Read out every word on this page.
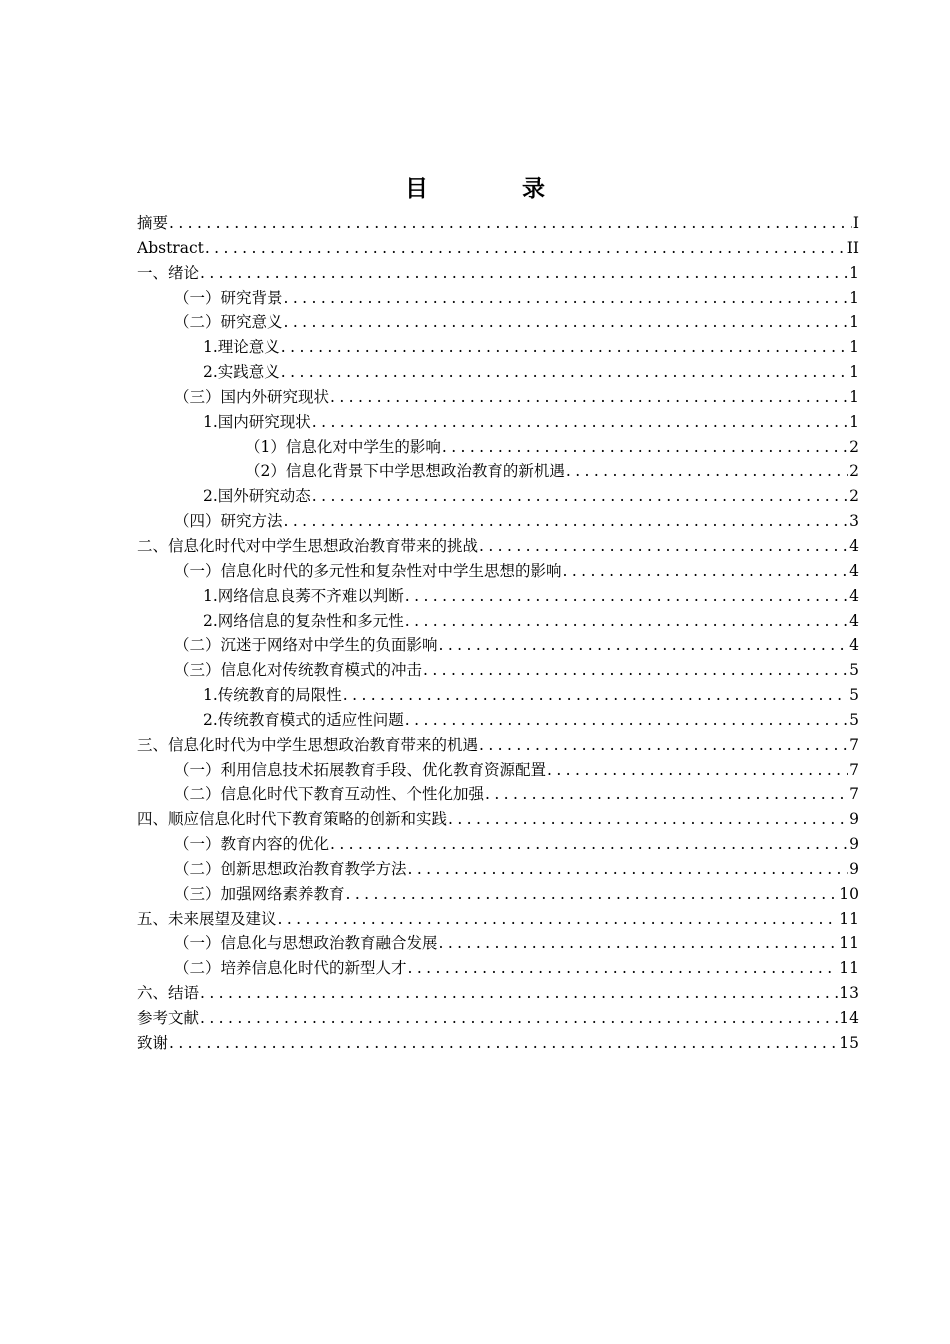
目 录
摘要 .....	I
Abstract .....	II
一、绪论 .....	1
（一）研究背景 .....	1
（二）研究意义 .....	1
1.理论意义 .....	1
2.实践意义 .....	1
（三）国内外研究现状 .....	1
1.国内研究现状 .....	1
（1）信息化对中学生的影响 .....	2
（2）信息化背景下中学思想政治教育的新机遇 .....	2
2.国外研究动态 .....	2
（四）研究方法 .....	3
二、信息化时代对中学生思想政治教育带来的挑战 .....	4
（一）信息化时代的多元性和复杂性对中学生思想的影响 .....	4
1.网络信息良莠不齐难以判断 .....	4
2.网络信息的复杂性和多元性 .....	4
（二）沉迷于网络对中学生的负面影响 .....	4
（三）信息化对传统教育模式的冲击 .....	5
1.传统教育的局限性 .....	5
2.传统教育模式的适应性问题 .....	5
三、信息化时代为中学生思想政治教育带来的机遇 .....	7
（一）利用信息技术拓展教育手段、优化教育资源配置 .....	7
（二）信息化时代下教育互动性、个性化加强 .....	7
四、顺应信息化时代下教育策略的创新和实践 .....	9
（一）教育内容的优化 .....	9
（二）创新思想政治教育教学方法 .....	9
（三）加强网络素养教育 .....	10
五、未来展望及建议 .....	11
（一）信息化与思想政治教育融合发展 .....	11
（二）培养信息化时代的新型人才 .....	11
六、结语 .....	13
参考文献 .....	14
致谢 .....	15
